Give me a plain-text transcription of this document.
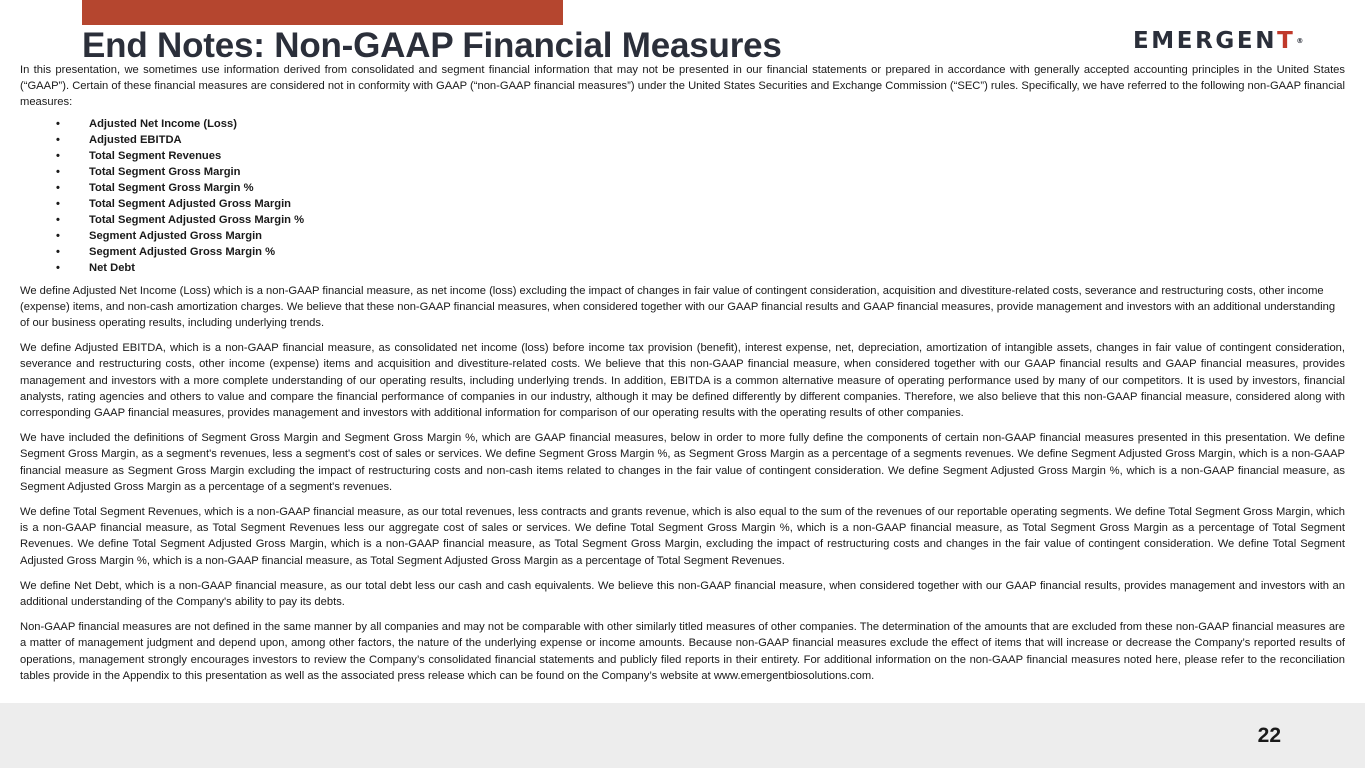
End Notes: Non-GAAP Financial Measures	EMERGENT®

In this presentation, we sometimes use information derived from consolidated and segment financial information that may not be presented in our financial statements or prepared in accordance with generally accepted accounting principles in the United States (“GAAP”). Certain of these financial measures are considered not in conformity with GAAP (“non-GAAP financial measures”) under the United States Securities and Exchange Commission (“SEC”) rules. Specifically, we have referred to the following non-GAAP financial measures:

•	Adjusted Net Income (Loss)
•	Adjusted EBITDA
•	Total Segment Revenues
•	Total Segment Gross Margin
•	Total Segment Gross Margin %
•	Total Segment Adjusted Gross Margin
•	Total Segment Adjusted Gross Margin %
•	Segment Adjusted Gross Margin
•	Segment Adjusted Gross Margin %
•	Net Debt

We define Adjusted Net Income (Loss) which is a non-GAAP financial measure, as net income (loss) excluding the impact of changes in fair value of contingent consideration, acquisition and divestiture-related costs, severance and restructuring costs, other income (expense) items, and non-cash amortization charges. We believe that these non-GAAP financial measures, when considered together with our GAAP financial results and GAAP financial measures, provide management and investors with an additional understanding of our business operating results, including underlying trends.

We define Adjusted EBITDA, which is a non-GAAP financial measure, as consolidated net income (loss) before income tax provision (benefit), interest expense, net, depreciation, amortization of intangible assets, changes in fair value of contingent consideration, severance and restructuring costs, other income (expense) items and acquisition and divestiture-related costs. We believe that this non-GAAP financial measure, when considered together with our GAAP financial results and GAAP financial measures, provides management and investors with a more complete understanding of our operating results, including underlying trends. In addition, EBITDA is a common alternative measure of operating performance used by many of our competitors. It is used by investors, financial analysts, rating agencies and others to value and compare the financial performance of companies in our industry, although it may be defined differently by different companies. Therefore, we also believe that this non-GAAP financial measure, considered along with corresponding GAAP financial measures, provides management and investors with additional information for comparison of our operating results with the operating results of other companies.

We have included the definitions of Segment Gross Margin and Segment Gross Margin %, which are GAAP financial measures, below in order to more fully define the components of certain non-GAAP financial measures presented in this presentation. We define Segment Gross Margin, as a segment's revenues, less a segment's cost of sales or services. We define Segment Gross Margin %, as Segment Gross Margin as a percentage of a segments revenues. We define Segment Adjusted Gross Margin, which is a non-GAAP financial measure as Segment Gross Margin excluding the impact of restructuring costs and non-cash items related to changes in the fair value of contingent consideration. We define Segment Adjusted Gross Margin %, which is a non-GAAP financial measure, as Segment Adjusted Gross Margin as a percentage of a segment's revenues.

We define Total Segment Revenues, which is a non-GAAP financial measure, as our total revenues, less contracts and grants revenue, which is also equal to the sum of the revenues of our reportable operating segments. We define Total Segment Gross Margin, which is a non-GAAP financial measure, as Total Segment Revenues less our aggregate cost of sales or services. We define Total Segment Gross Margin %, which is a non-GAAP financial measure, as Total Segment Gross Margin as a percentage of Total Segment Revenues. We define Total Segment Adjusted Gross Margin, which is a non-GAAP financial measure, as Total Segment Gross Margin, excluding the impact of restructuring costs and changes in the fair value of contingent consideration. We define Total Segment Adjusted Gross Margin %, which is a non-GAAP financial measure, as Total Segment Adjusted Gross Margin as a percentage of Total Segment Revenues.

We define Net Debt, which is a non-GAAP financial measure, as our total debt less our cash and cash equivalents. We believe this non-GAAP financial measure, when considered together with our GAAP financial results, provides management and investors with an additional understanding of the Company's ability to pay its debts.

Non-GAAP financial measures are not defined in the same manner by all companies and may not be comparable with other similarly titled measures of other companies. The determination of the amounts that are excluded from these non-GAAP financial measures are a matter of management judgment and depend upon, among other factors, the nature of the underlying expense or income amounts. Because non-GAAP financial measures exclude the effect of items that will increase or decrease the Company’s reported results of operations, management strongly encourages investors to review the Company’s consolidated financial statements and publicly filed reports in their entirety. For additional information on the non-GAAP financial measures noted here, please refer to the reconciliation tables provide in the Appendix to this presentation as well as the associated press release which can be found on the Company’s website at www.emergentbiosolutions.com.

22
